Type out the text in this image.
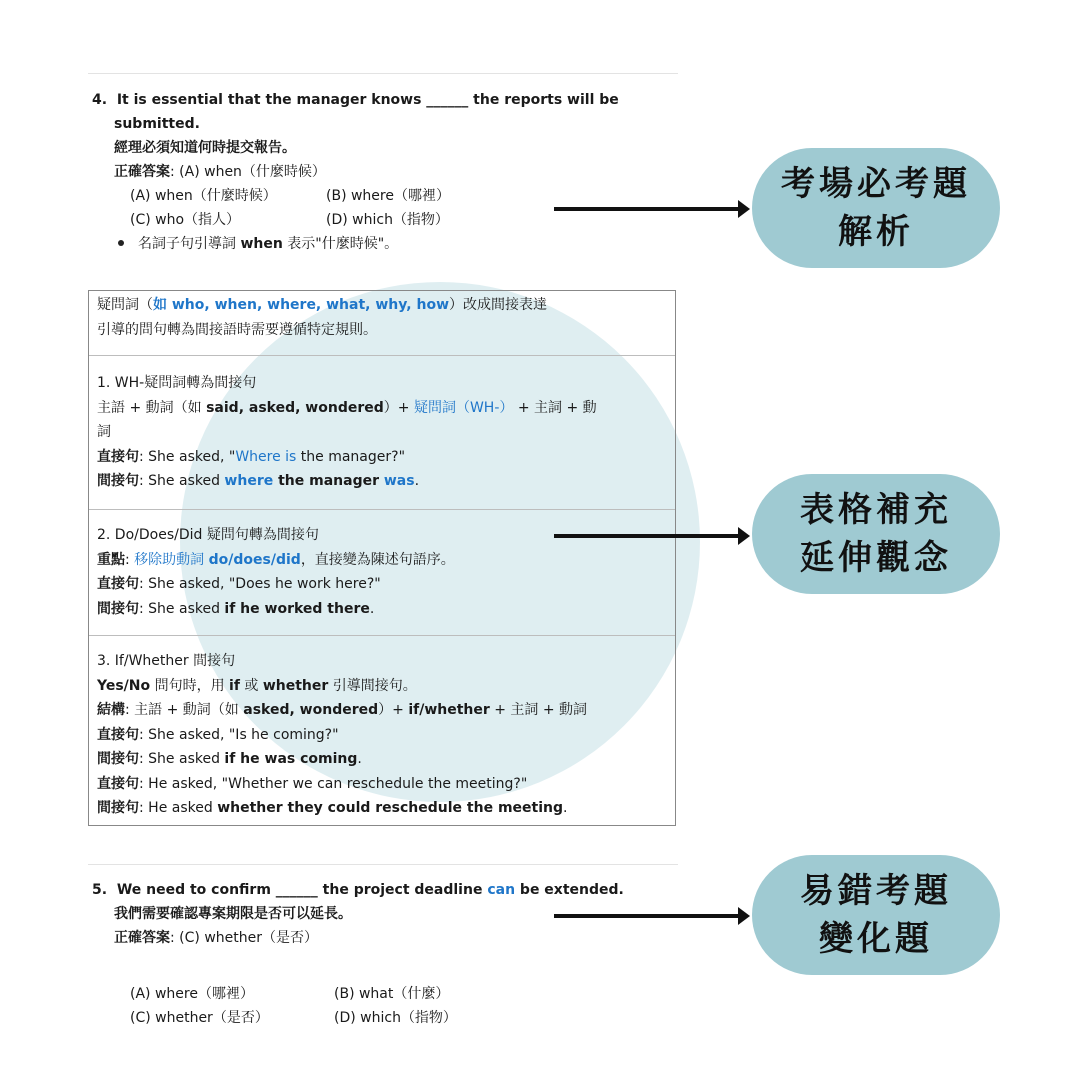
4. It is essential that the manager knows ______ the reports will be
submitted.
經理必須知道何時提交報告。
正確答案: (A) when（什麼時候）
(A) when（什麼時候）	(B) where（哪裡）
(C) who（指人）	(D) which（指物）
名詞子句引導詞 when 表示"什麼時候"。
疑問詞（如 who, when, where, what, why, how）改成間接表達
引導的問句轉為間接語時需要遵循特定規則。
1. WH-疑問詞轉為間接句
主語 + 動詞（如 said, asked, wondered）+ 疑問詞（WH-） + 主詞 + 動
詞
直接句: She asked, "Where is the manager?"
間接句: She asked where the manager was.
2. Do/Does/Did 疑問句轉為間接句
重點: 移除助動詞 do/does/did，直接變為陳述句語序。
直接句: She asked, "Does he work here?"
間接句: She asked if he worked there.
3. If/Whether 間接句
Yes/No 問句時，用 if 或 whether 引導間接句。
結構: 主語 + 動詞（如 asked, wondered）+ if/whether + 主詞 + 動詞
直接句: She asked, "Is he coming?"
間接句: She asked if he was coming.
直接句: He asked, "Whether we can reschedule the meeting?"
間接句: He asked whether they could reschedule the meeting.
5. We need to confirm ______ the project deadline can be extended.
我們需要確認專案期限是否可以延長。
正確答案: (C) whether（是否）
(A) where（哪裡）	(B) what（什麼）
(C) whether（是否）	(D) which（指物）
考場必考題
解析
表格補充
延伸觀念
易錯考題
變化題
